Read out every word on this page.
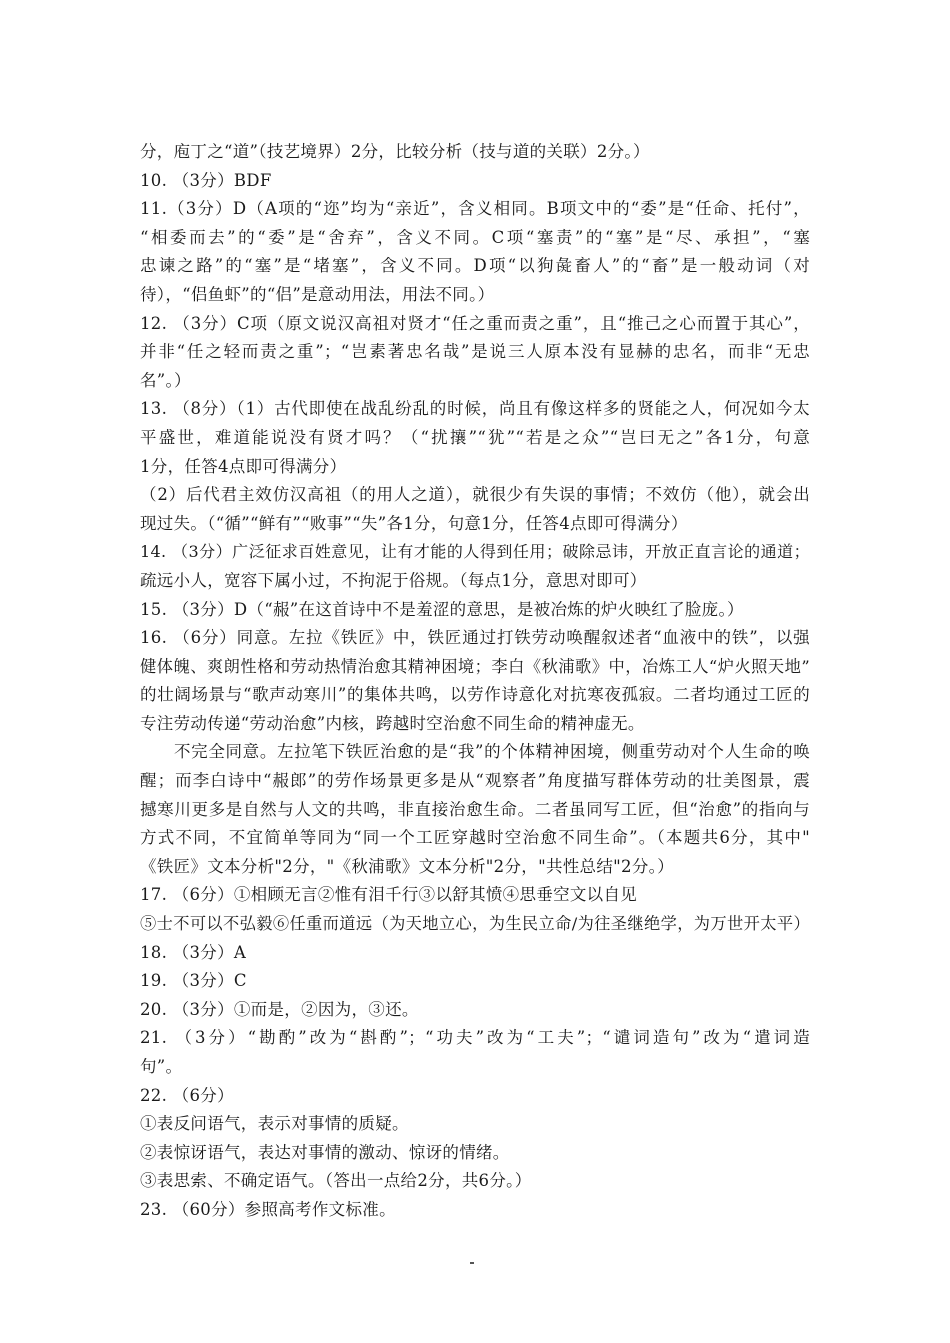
分，庖丁之“道”（技艺境界）2分，比较分析（技与道的关联）2分。）
10. （3分）BDF
11.（3分）D（A项的“迩”均为“亲近”，含义相同。B项文中的“委”是“任命、托付”，
“相委而去”的“委”是“舍弃”，含义不同。C项“塞责”的“塞”是“尽、承担”，“塞
忠谏之路”的“塞”是“堵塞”，含义不同。D项“以狗彘畜人”的“畜”是一般动词（对
待），“侣鱼虾”的“侣”是意动用法，用法不同。）
12. （3分）C项（原文说汉高祖对贤才“任之重而责之重”，且“推己之心而置于其心”，
并非“任之轻而责之重”；“岂素著忠名哉”是说三人原本没有显赫的忠名，而非“无忠
名”。）
13. （8分）（1）古代即使在战乱纷乱的时候，尚且有像这样多的贤能之人，何况如今太
平盛世，难道能说没有贤才吗？（“扰攘”“犹”“若是之众”“岂曰无之”各1分，句意
1分，任答4点即可得满分）
（2）后代君主效仿汉高祖（的用人之道），就很少有失误的事情；不效仿（他），就会出
现过失。（“循”“鲜有”“败事”“失”各1分，句意1分，任答4点即可得满分）
14. （3分）广泛征求百姓意见，让有才能的人得到任用；破除忌讳，开放正直言论的通道；
疏远小人，宽容下属小过，不拘泥于俗规。（每点1分，意思对即可）
15. （3分）D（“赧”在这首诗中不是羞涩的意思，是被冶炼的炉火映红了脸庞。）
16. （6分）同意。左拉《铁匠》中，铁匠通过打铁劳动唤醒叙述者“血液中的铁”，以强
健体魄、爽朗性格和劳动热情治愈其精神困境；李白《秋浦歌》中，冶炼工人“炉火照天地”
的壮阔场景与“歌声动寒川”的集体共鸣，以劳作诗意化对抗寒夜孤寂。二者均通过工匠的
专注劳动传递“劳动治愈”内核，跨越时空治愈不同生命的精神虚无。
不完全同意。左拉笔下铁匠治愈的是“我”的个体精神困境，侧重劳动对个人生命的唤
醒；而李白诗中“赧郎”的劳作场景更多是从“观察者”角度描写群体劳动的壮美图景，震
撼寒川更多是自然与人文的共鸣，非直接治愈生命。二者虽同写工匠，但“治愈”的指向与
方式不同，不宜简单等同为“同一个工匠穿越时空治愈不同生命”。（本题共6分，其中"
《铁匠》文本分析"2分，"《秋浦歌》文本分析"2分，"共性总结"2分。）
17. （6分）①相顾无言②惟有泪千行③以舒其愤④思垂空文以自见
⑤士不可以不弘毅⑥任重而道远（为天地立心，为生民立命/为往圣继绝学，为万世开太平）
18. （3分）A
19. （3分）C
20. （3分）①而是，②因为，③还。
21. （3分）“勘酌”改为“斟酌”；“功夫”改为“工夫”；“谴词造句”改为“遣词造
句”。
22. （6分）
①表反问语气，表示对事情的质疑。
②表惊讶语气，表达对事情的激动、惊讶的情绪。
③表思索、不确定语气。（答出一点给2分，共6分。）
23. （60分）参照高考作文标准。
